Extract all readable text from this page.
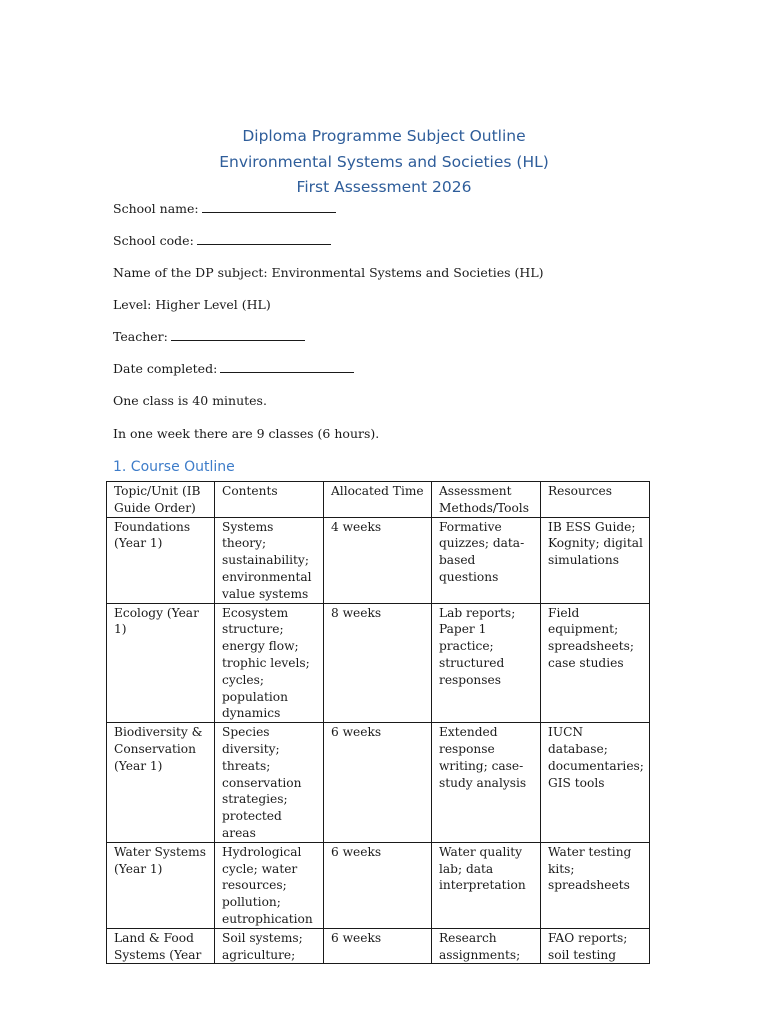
Diploma Programme Subject Outline
Environmental Systems and Societies (HL)
First Assessment 2026
School name:
School code:
Name of the DP subject: Environmental Systems and Societies (HL)
Level: Higher Level (HL)
Teacher:
Date completed:
One class is 40 minutes.
In one week there are 9 classes (6 hours).
1. Course Outline
Topic/Unit (IB Guide Order)	Contents	Allocated Time	Assessment Methods/Tools	Resources
Foundations (Year 1)	Systems theory; sustainability; environmental value systems	4 weeks	Formative quizzes; data-based questions	IB ESS Guide; Kognity; digital simulations
Ecology (Year 1)	Ecosystem structure; energy flow; trophic levels; cycles; population dynamics	8 weeks	Lab reports; Paper 1 practice; structured responses	Field equipment; spreadsheets; case studies
Biodiversity & Conservation (Year 1)	Species diversity; threats; conservation strategies; protected areas	6 weeks	Extended response writing; case-study analysis	IUCN database; documentaries; GIS tools
Water Systems (Year 1)	Hydrological cycle; water resources; pollution; eutrophication	6 weeks	Water quality lab; data interpretation	Water testing kits; spreadsheets
Land & Food Systems (Year	Soil systems; agriculture;	6 weeks	Research assignments;	FAO reports; soil testing
